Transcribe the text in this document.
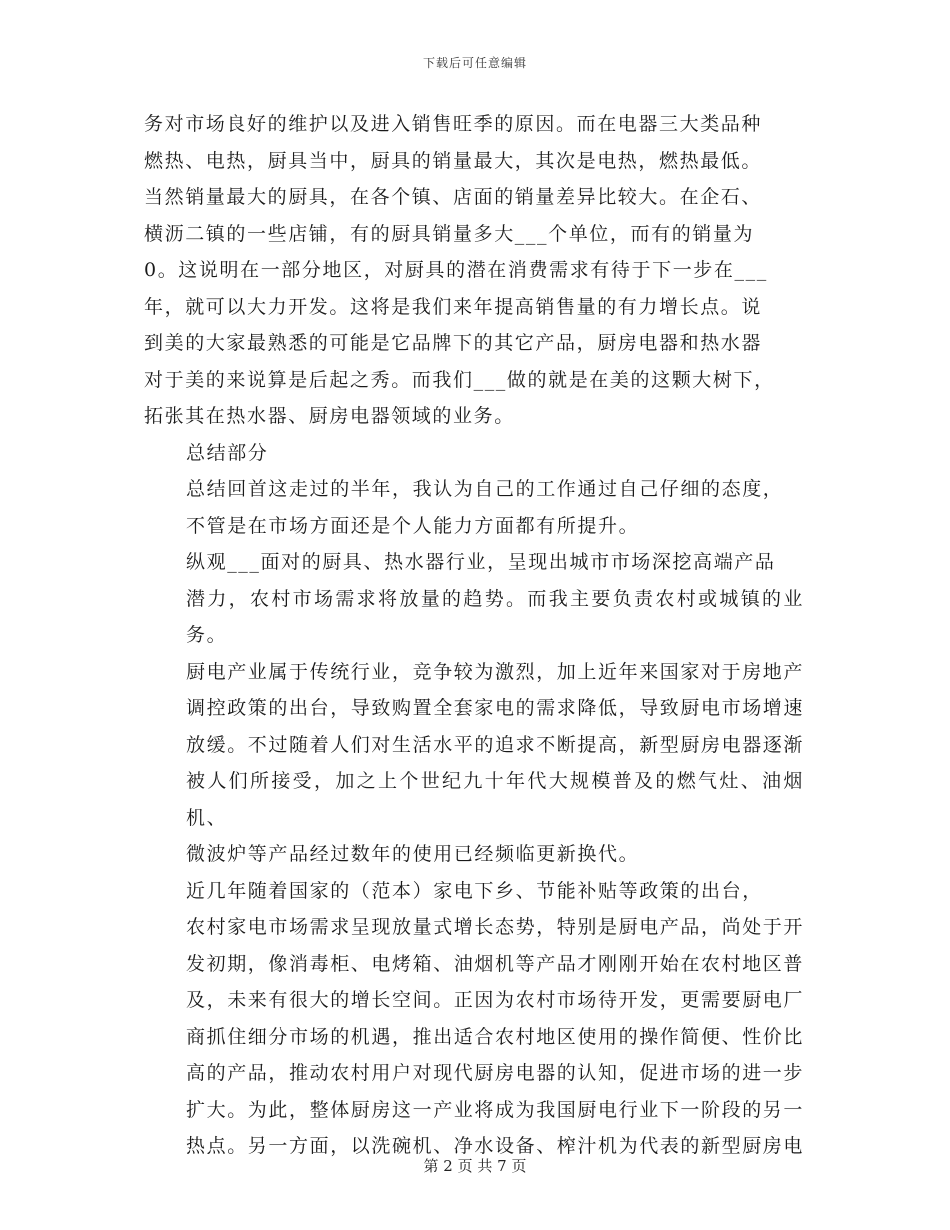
下载后可任意编辑

务对市场良好的维护以及进入销售旺季的原因。而在电器三大类品种
燃热、电热，厨具当中，厨具的销量最大，其次是电热，燃热最低。
当然销量最大的厨具，在各个镇、店面的销量差异比较大。在企石、
横沥二镇的一些店铺，有的厨具销量多大___个单位，而有的销量为
0。这说明在一部分地区，对厨具的潜在消费需求有待于下一步在___
年，就可以大力开发。这将是我们来年提高销售量的有力增长点。说
到美的大家最熟悉的可能是它品牌下的其它产品，厨房电器和热水器
对于美的来说算是后起之秀。而我们___做的就是在美的这颗大树下，
拓张其在热水器、厨房电器领域的业务。

总结部分

总结回首这走过的半年，我认为自己的工作通过自己仔细的态度，
不管是在市场方面还是个人能力方面都有所提升。

纵观___面对的厨具、热水器行业，呈现出城市市场深挖高端产品
潜力，农村市场需求将放量的趋势。而我主要负责农村或城镇的业务。
厨电产业属于传统行业，竞争较为激烈，加上近年来国家对于房地产
调控政策的出台，导致购置全套家电的需求降低，导致厨电市场增速
放缓。不过随着人们对生活水平的追求不断提高，新型厨房电器逐渐
被人们所接受，加之上个世纪九十年代大规模普及的燃气灶、油烟机、
微波炉等产品经过数年的使用已经频临更新换代。

近几年随着国家的（范本）家电下乡、节能补贴等政策的出台，
农村家电市场需求呈现放量式增长态势，特别是厨电产品，尚处于开
发初期，像消毒柜、电烤箱、油烟机等产品才刚刚开始在农村地区普
及，未来有很大的增长空间。正因为农村市场待开发，更需要厨电厂
商抓住细分市场的机遇，推出适合农村地区使用的操作简便、性价比
高的产品，推动农村用户对现代厨房电器的认知，促进市场的进一步
扩大。为此，整体厨房这一产业将成为我国厨电行业下一阶段的另一
热点。另一方面，以洗碗机、净水设备、榨汁机为代表的新型厨房电

第 2 页 共 7 页
